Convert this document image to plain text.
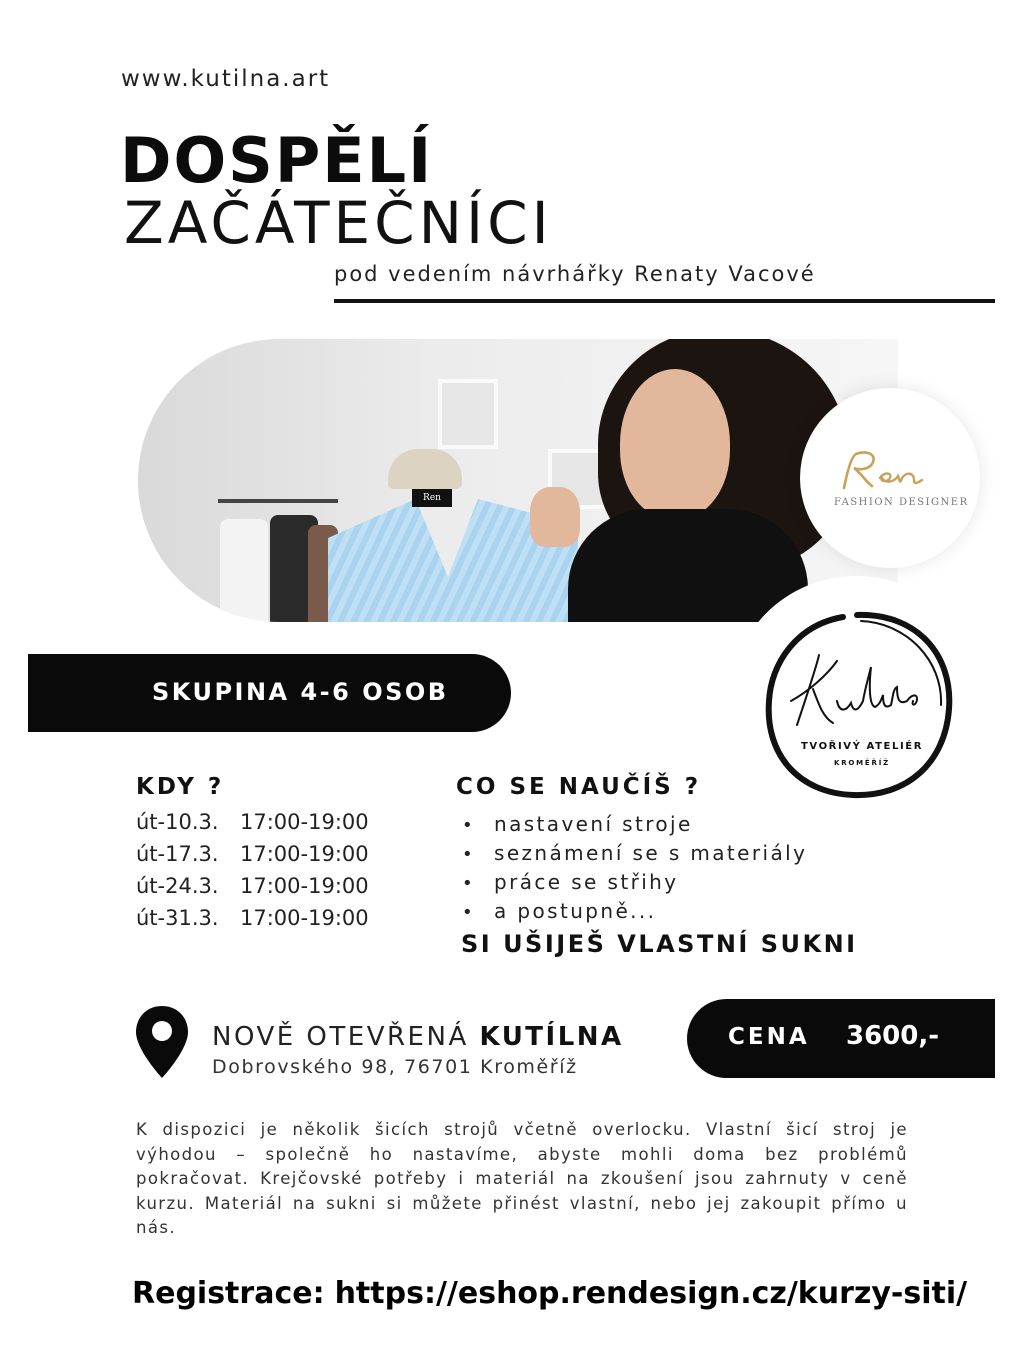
www.kutilna.art
DOSPĚLÍ
ZAČÁTEČNÍCI
pod vedením návrhářky Renaty Vacové
Ren	FASHION DESIGNER
TVOŘIVÝ ATELIÉR
KROMĚŘÍŽ
SKUPINA 4-6 OSOB
KDY ?
út-10.3. 17:00-19:00
út-17.3. 17:00-19:00
út-24.3. 17:00-19:00
út-31.3. 17:00-19:00
CO SE NAUČÍŠ ?
• nastavení stroje
• seznámení se s materiály
• práce se střihy
• a postupně...
SI UŠIJEŠ VLASTNÍ SUKNI
NOVĚ OTEVŘENÁ KUTÍLNA
Dobrovského 98, 76701 Kroměříž
CENA 3600,-
K dispozici je několik šicích strojů včetně overlocku. Vlastní šicí stroj je výhodou – společně ho nastavíme, abyste mohli doma bez problémů pokračovat. Krejčovské potřeby i materiál na zkoušení jsou zahrnuty v ceně kurzu. Materiál na sukni si můžete přinést vlastní, nebo jej zakoupit přímo u nás.
Registrace: https://eshop.rendesign.cz/kurzy-siti/
